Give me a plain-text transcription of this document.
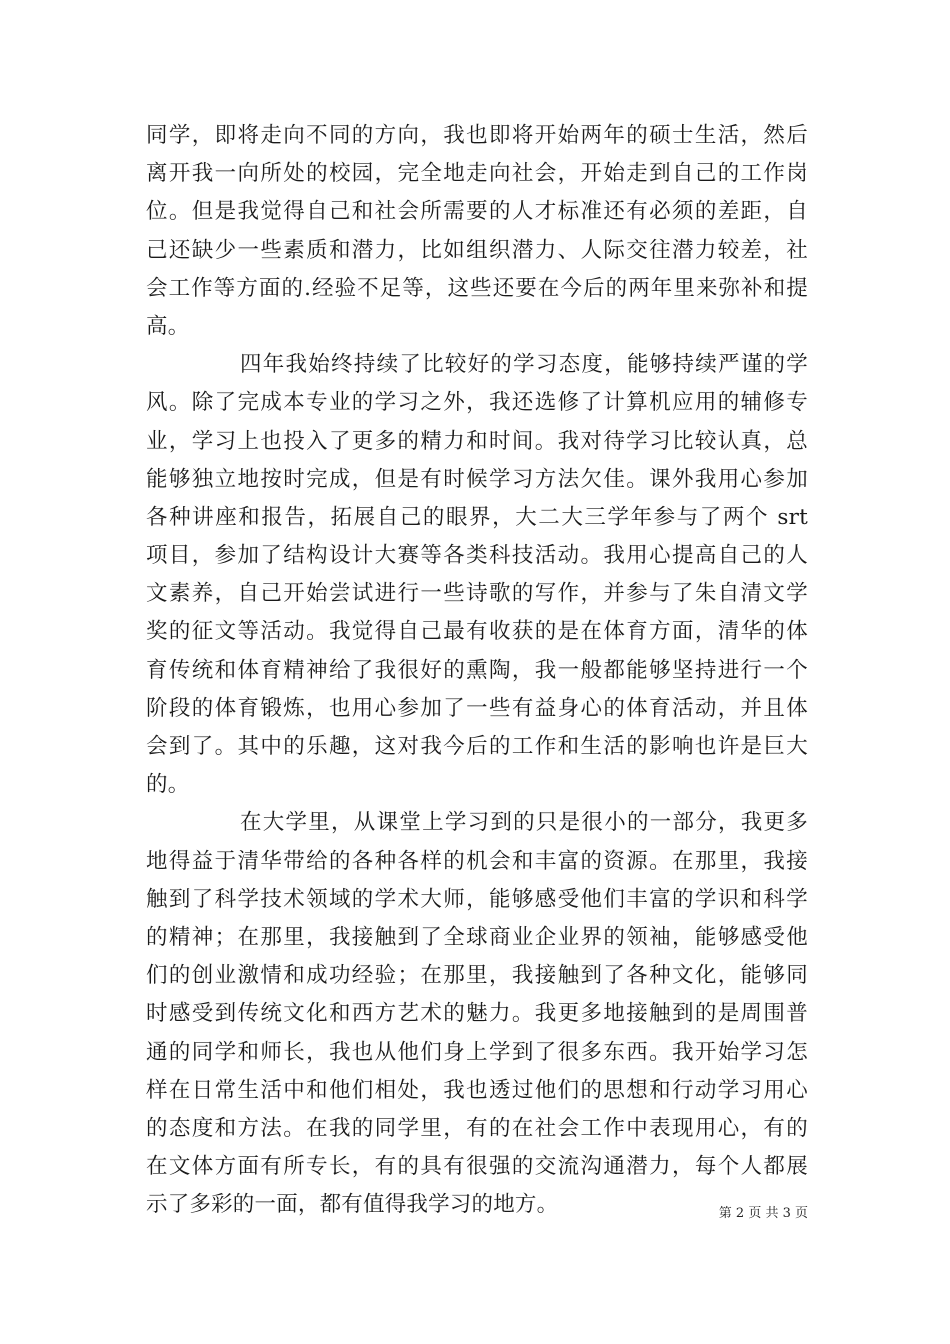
同学，即将走向不同的方向，我也即将开始两年的硕士生活，然后
离开我一向所处的校园，完全地走向社会，开始走到自己的工作岗
位。但是我觉得自己和社会所需要的人才标准还有必须的差距，自
己还缺少一些素质和潜力，比如组织潜力、人际交往潜力较差，社
会工作等方面的.经验不足等，这些还要在今后的两年里来弥补和提
高。
四年我始终持续了比较好的学习态度，能够持续严谨的学
风。除了完成本专业的学习之外，我还选修了计算机应用的辅修专
业，学习上也投入了更多的精力和时间。我对待学习比较认真，总
能够独立地按时完成，但是有时候学习方法欠佳。课外我用心参加
各种讲座和报告，拓展自己的眼界，大二大三学年参与了两个 srt
项目，参加了结构设计大赛等各类科技活动。我用心提高自己的人
文素养，自己开始尝试进行一些诗歌的写作，并参与了朱自清文学
奖的征文等活动。我觉得自己最有收获的是在体育方面，清华的体
育传统和体育精神给了我很好的熏陶，我一般都能够坚持进行一个
阶段的体育锻炼，也用心参加了一些有益身心的体育活动，并且体
会到了。其中的乐趣，这对我今后的工作和生活的影响也许是巨大
的。
在大学里，从课堂上学习到的只是很小的一部分，我更多
地得益于清华带给的各种各样的机会和丰富的资源。在那里，我接
触到了科学技术领域的学术大师，能够感受他们丰富的学识和科学
的精神；在那里，我接触到了全球商业企业界的领袖，能够感受他
们的创业激情和成功经验；在那里，我接触到了各种文化，能够同
时感受到传统文化和西方艺术的魅力。我更多地接触到的是周围普
通的同学和师长，我也从他们身上学到了很多东西。我开始学习怎
样在日常生活中和他们相处，我也透过他们的思想和行动学习用心
的态度和方法。在我的同学里，有的在社会工作中表现用心，有的
在文体方面有所专长，有的具有很强的交流沟通潜力，每个人都展
示了多彩的一面，都有值得我学习的地方。	第 2 页 共 3 页
